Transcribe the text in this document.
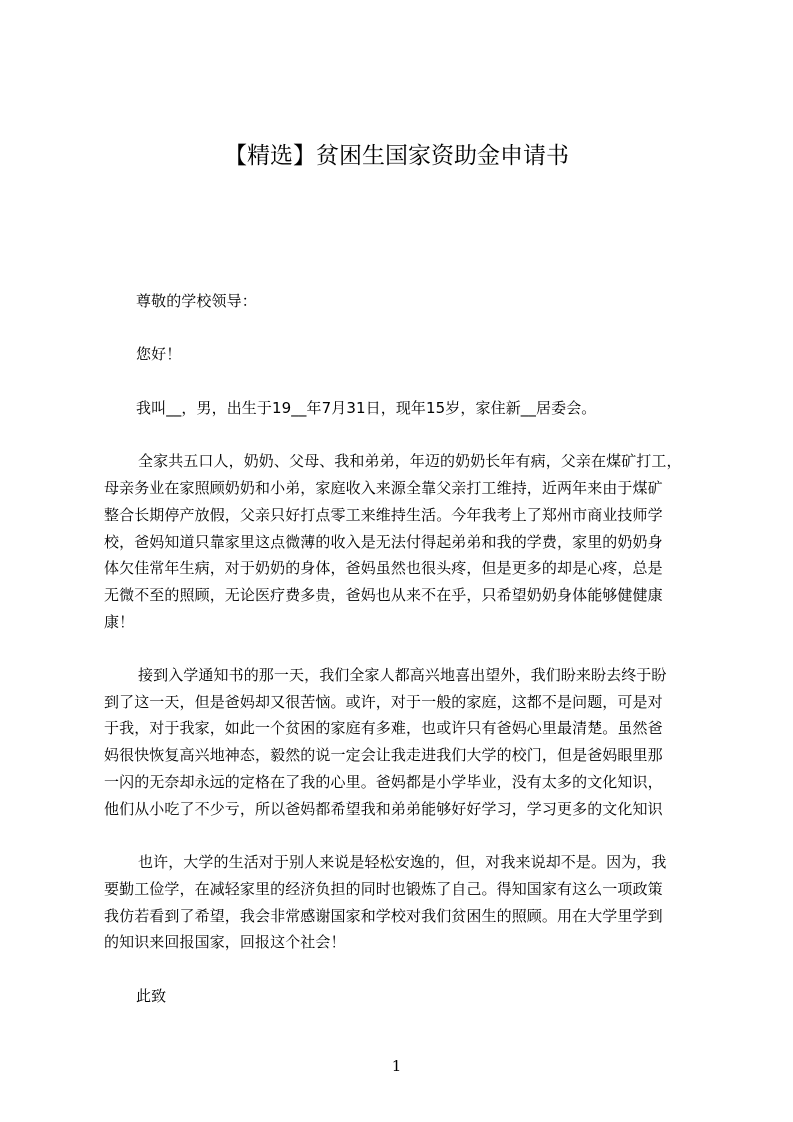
【精选】贫困生国家资助金申请书
尊敬的学校领导：
您好！
我叫__，男，出生于19__年7月31日，现年15岁，家住新__居委会。
全家共五口人，奶奶、父母、我和弟弟，年迈的奶奶长年有病，父亲在煤矿打工，
母亲务业在家照顾奶奶和小弟，家庭收入来源全靠父亲打工维持，近两年来由于煤矿
整合长期停产放假，父亲只好打点零工来维持生活。今年我考上了郑州市商业技师学
校，爸妈知道只靠家里这点微薄的收入是无法付得起弟弟和我的学费，家里的奶奶身
体欠佳常年生病，对于奶奶的身体，爸妈虽然也很头疼，但是更多的却是心疼，总是
无微不至的照顾，无论医疗费多贵，爸妈也从来不在乎，只希望奶奶身体能够健健康
康！
接到入学通知书的那一天，我们全家人都高兴地喜出望外，我们盼来盼去终于盼
到了这一天，但是爸妈却又很苦恼。或许，对于一般的家庭，这都不是问题，可是对
于我，对于我家，如此一个贫困的家庭有多难，也或许只有爸妈心里最清楚。虽然爸
妈很快恢复高兴地神态，毅然的说一定会让我走进我们大学的校门，但是爸妈眼里那
一闪的无奈却永远的定格在了我的心里。爸妈都是小学毕业，没有太多的文化知识，
他们从小吃了不少亏，所以爸妈都希望我和弟弟能够好好学习，学习更多的文化知识
也许，大学的生活对于别人来说是轻松安逸的，但，对我来说却不是。因为，我
要勤工俭学，在减轻家里的经济负担的同时也锻炼了自己。得知国家有这么一项政策
我仿若看到了希望，我会非常感谢国家和学校对我们贫困生的照顾。用在大学里学到
的知识来回报国家，回报这个社会！
此致
1
